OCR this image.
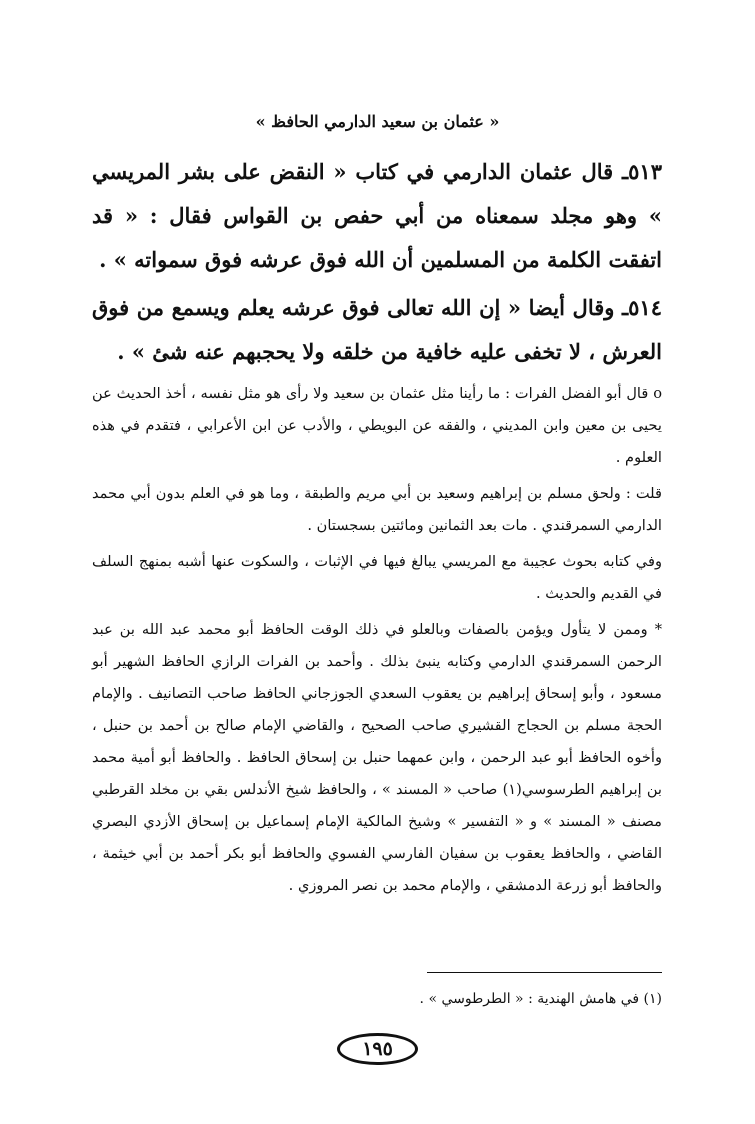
« عثمان بن سعيد الدارمي الحافظ »

٥١٣ـ قال عثمان الدارمي في كتاب « النقض على بشر المريسي » وهو مجلد سمعناه من أبي حفص بن القواس فقال : « قد اتفقت الكلمة من المسلمين أن الله فوق عرشه فوق سمواته » .

٥١٤ـ وقال أيضا « إن الله تعالى فوق عرشه يعلم ويسمع من فوق العرش ، لا تخفى عليه خافية من خلقه ولا يحجبهم عنه شئ » .

o قال أبو الفضل الفرات : ما رأينا مثل عثمان بن سعيد ولا رأى هو مثل نفسه ، أخذ الحديث عن يحيى بن معين وابن المديني ، والفقه عن البويطي ، والأدب عن ابن الأعرابي ، فتقدم في هذه العلوم .

قلت : ولحق مسلم بن إبراهيم وسعيد بن أبي مريم والطبقة ، وما هو في العلم بدون أبي محمد الدارمي السمرقندي . مات بعد الثمانين ومائتين بسجستان .

وفي كتابه بحوث عجيبة مع المريسي يبالغ فيها في الإثبات ، والسكوت عنها أشبه بمنهج السلف في القديم والحديث .

* وممن لا يتأول ويؤمن بالصفات وبالعلو في ذلك الوقت الحافظ أبو محمد عبد الله بن عبد الرحمن السمرقندي الدارمي وكتابه ينبئ بذلك . وأحمد بن الفرات الرازي الحافظ الشهير أبو مسعود ، وأبو إسحاق إبراهيم بن يعقوب السعدي الجوزجاني الحافظ صاحب التصانيف . والإمام الحجة مسلم بن الحجاج القشيري صاحب الصحيح ، والقاضي الإمام صالح بن أحمد بن حنبل ، وأخوه الحافظ أبو عبد الرحمن ، وابن عمهما حنبل بن إسحاق الحافظ . والحافظ أبو أمية محمد بن إبراهيم الطرسوسي(١) صاحب « المسند » ، والحافظ شيخ الأندلس بقي بن مخلد القرطبي مصنف « المسند » و « التفسير » وشيخ المالكية الإمام إسماعيل بن إسحاق الأزدي البصري القاضي ، والحافظ يعقوب بن سفيان الفارسي الفسوي والحافظ أبو بكر أحمد بن أبي خيثمة ، والحافظ أبو زرعة الدمشقي ، والإمام محمد بن نصر المروزي .

(١) في هامش الهندية : « الطرطوسي » .
١٩٥
